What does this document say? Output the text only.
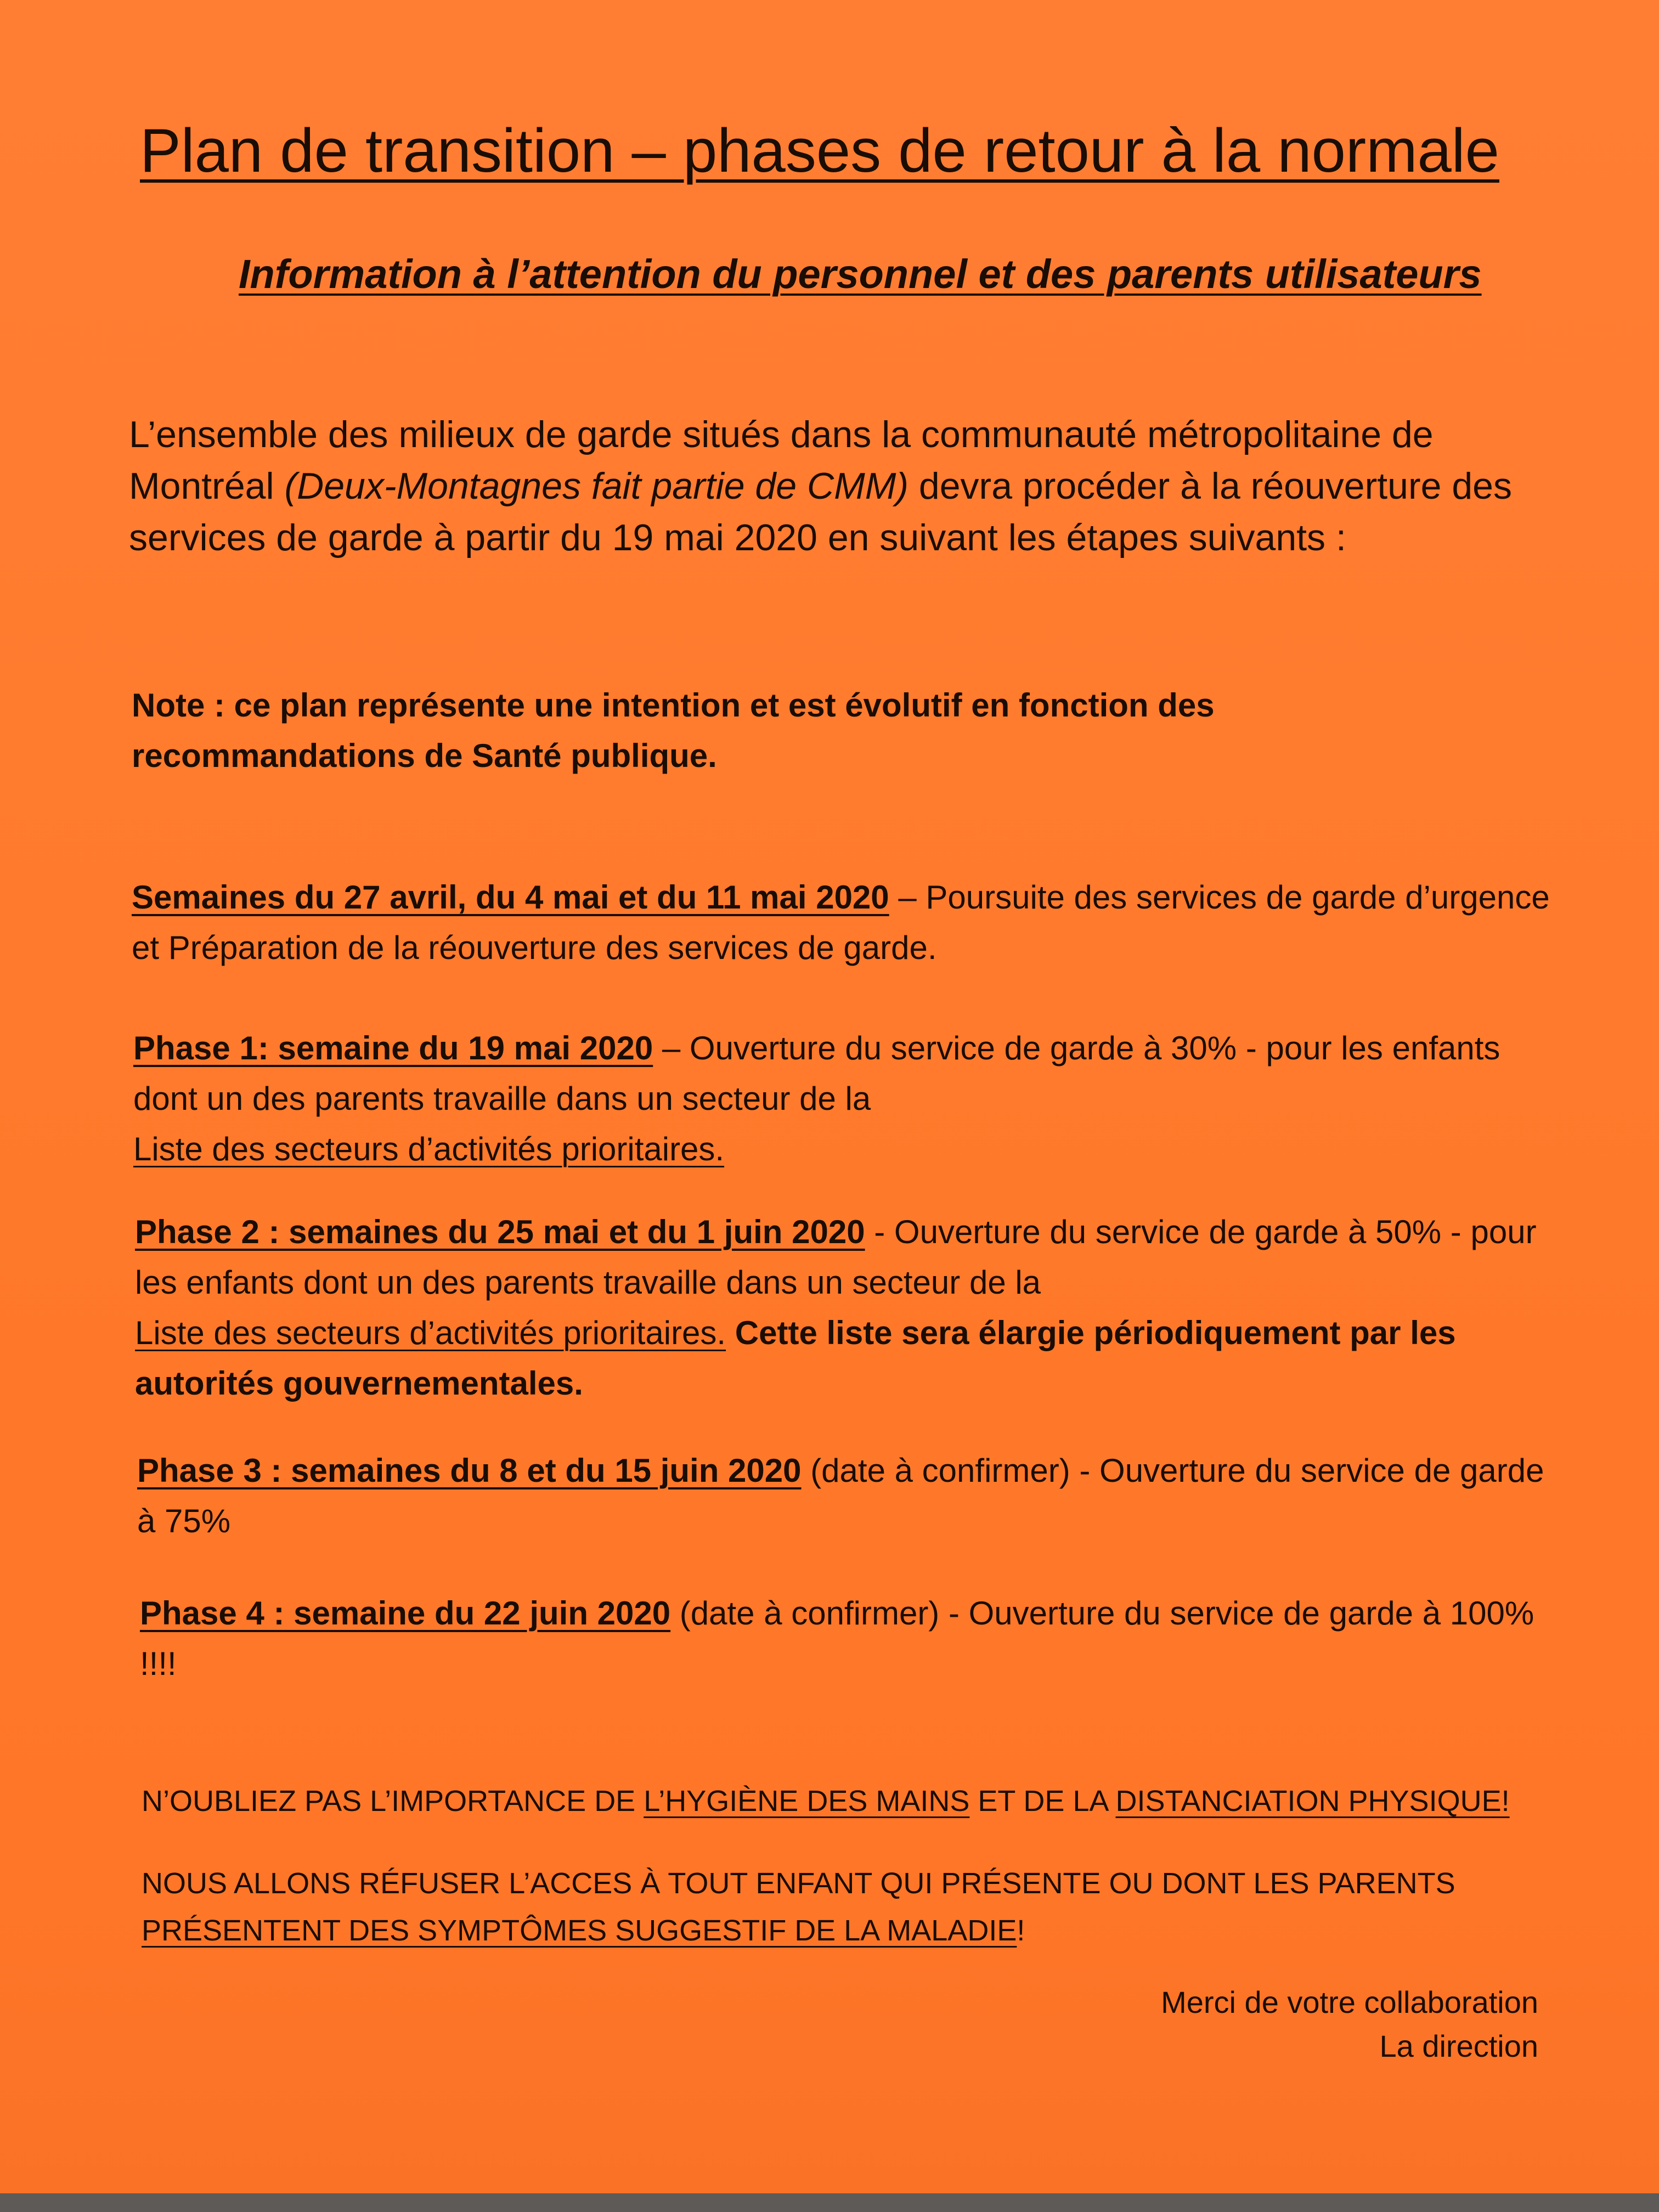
Plan de transition – phases de retour à la normale

Information à l’attention du personnel et des parents utilisateurs

L’ensemble des milieux de garde situés dans la communauté métropolitaine de Montréal (Deux-Montagnes fait partie de CMM) devra procéder à la réouverture des services de garde à partir du 19 mai 2020 en suivant les étapes suivants :

Note : ce plan représente une intention et est évolutif en fonction des recommandations de Santé publique.

Semaines du 27 avril, du 4 mai et du 11 mai 2020 – Poursuite des services de garde d’urgence et Préparation de la réouverture des services de garde.

Phase 1: semaine du 19 mai 2020 – Ouverture du service de garde à 30% - pour les enfants dont un des parents travaille dans un secteur de la
Liste des secteurs d’activités prioritaires.

Phase 2 : semaines du 25 mai et du 1 juin 2020 - Ouverture du service de garde à 50% - pour les enfants dont un des parents travaille dans un secteur de la
Liste des secteurs d’activités prioritaires. Cette liste sera élargie périodiquement par les autorités gouvernementales.

Phase 3 : semaines du 8 et du 15 juin 2020 (date à confirmer) - Ouverture du service de garde à 75%

Phase 4 : semaine du 22 juin 2020 (date à confirmer) - Ouverture du service de garde à 100% !!!!

N’OUBLIEZ PAS L’IMPORTANCE DE L’HYGIÈNE DES MAINS ET DE LA DISTANCIATION PHYSIQUE!

NOUS ALLONS RÉFUSER L’ACCES À TOUT ENFANT QUI PRÉSENTE OU DONT LES PARENTS PRÉSENTENT DES SYMPTÔMES SUGGESTIF DE LA MALADIE!

Merci de votre collaboration
La direction
